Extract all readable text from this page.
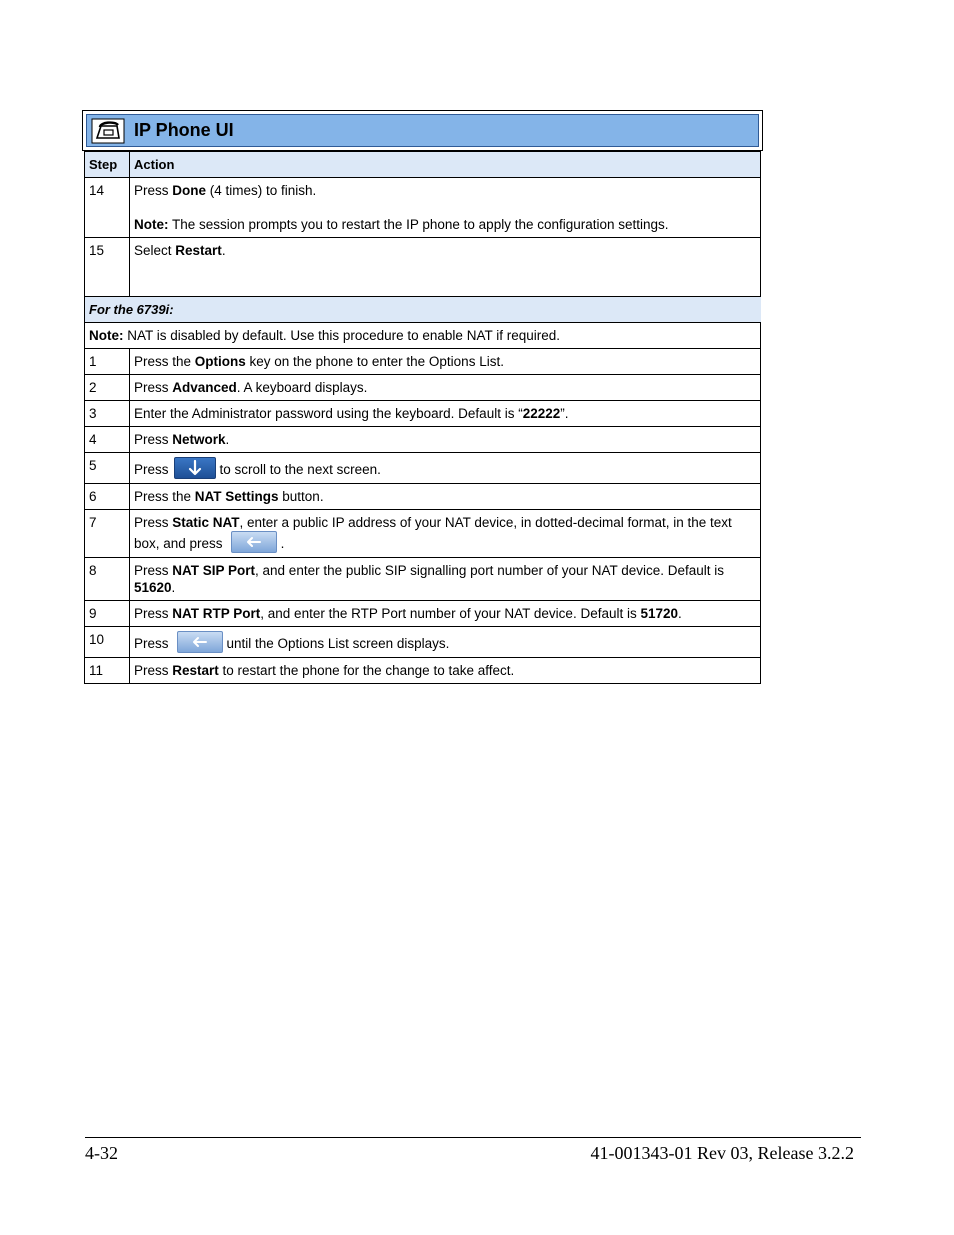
IP Phone UI
Step	Action
14	Press Done (4 times) to finish.
Note: The session prompts you to restart the IP phone to apply the configuration settings.
15	Select Restart.
For the 6739i:	
Note: NAT is disabled by default. Use this procedure to enable NAT if required.	
1	Press the Options key on the phone to enter the Options List.
2	Press Advanced. A keyboard displays.
3	Enter the Administrator password using the keyboard. Default is “22222”.
4	Press Network.
5	Press to scroll to the next screen.
6	Press the NAT Settings button.
7	Press Static NAT, enter a public IP address of your NAT device, in dotted-decimal format, in the text box, and press .
8	Press NAT SIP Port, and enter the public SIP signalling port number of your NAT device. Default is 51620.
9	Press NAT RTP Port, and enter the RTP Port number of your NAT device. Default is 51720.
10	Press until the Options List screen displays.
11	Press Restart to restart the phone for the change to take affect.
4-32	41-001343-01 Rev 03, Release 3.2.2
